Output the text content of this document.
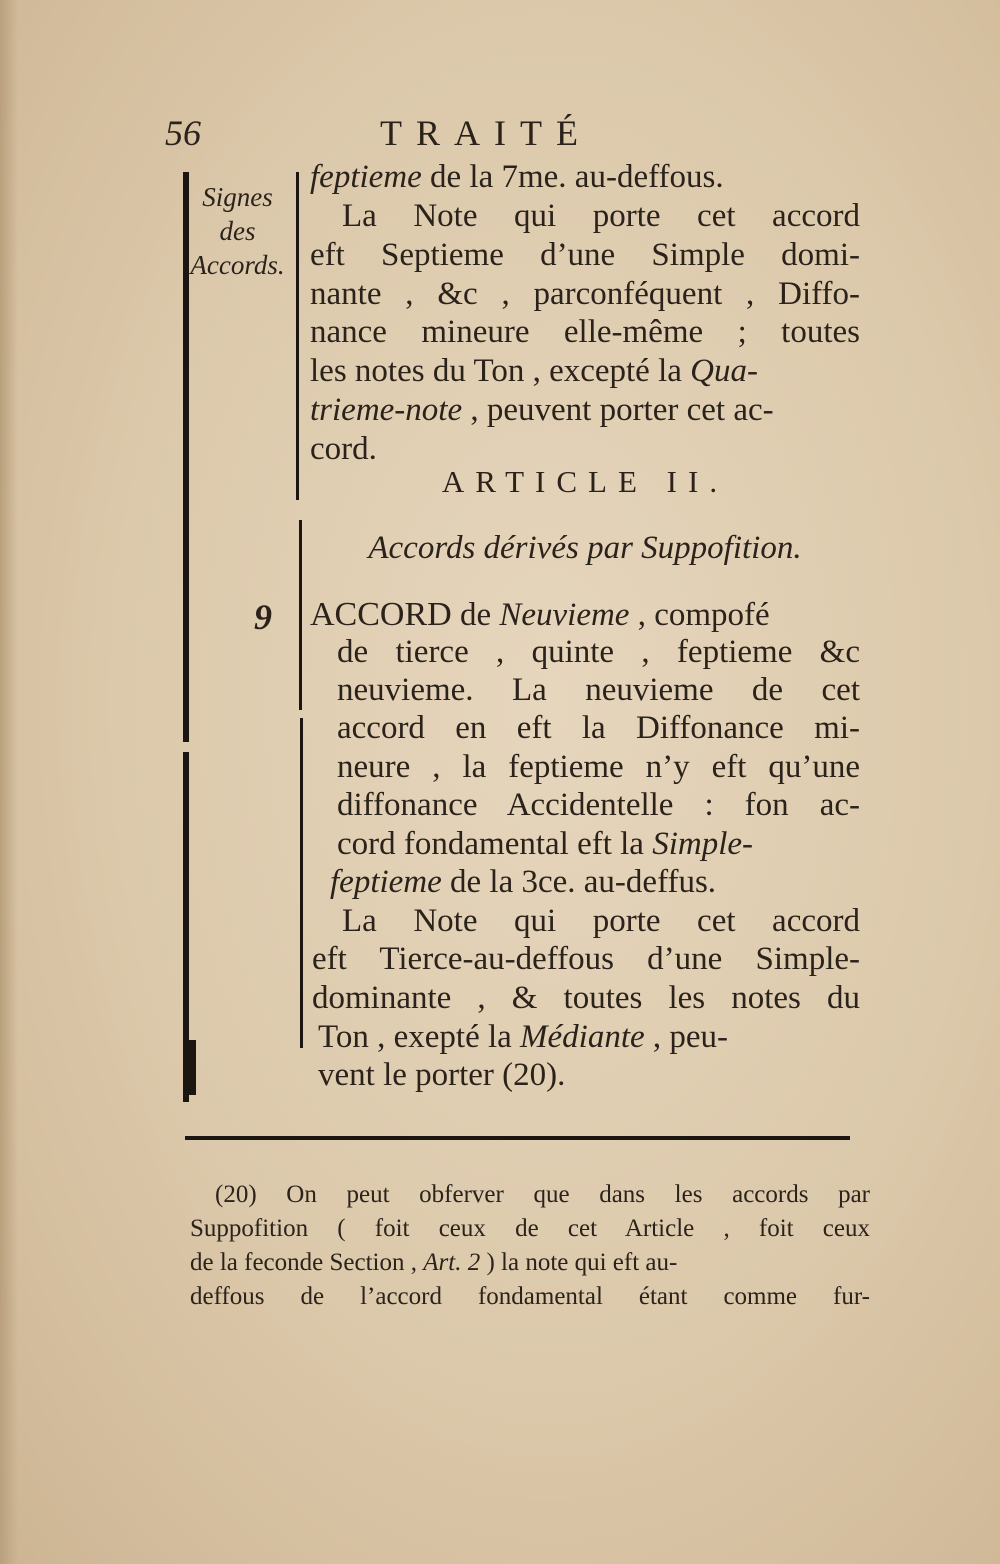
56	TRAITÉ
Signes
des
Accords.
9
feptieme de la 7me. au-deffous.
La Note qui porte cet accord
eft Septieme d’une Simple domi-
nante , &c , parconféquent , Diffo-
nance mineure elle-même ; toutes
les notes du Ton , excepté la Qua-
trieme-note , peuvent porter cet ac-
cord.
ARTICLE II.
Accords dérivés par Suppofition.
ACCORD de Neuvieme , compofé
de tierce , quinte , feptieme &c
neuvieme. La neuvieme de cet
accord en eft la Diffonance mi-
neure , la feptieme n’y eft qu’une
diffonance Accidentelle : fon ac-
cord fondamental eft la Simple-
feptieme de la 3ce. au-deffus.
La Note qui porte cet accord
eft Tierce-au-deffous d’une Simple-
dominante , & toutes les notes du
Ton , exepté la Médiante , peu-
vent le porter (20).
(20) On peut obferver que dans les accords par
Suppofition ( foit ceux de cet Article , foit ceux
de la feconde Section , Art. 2 ) la note qui eft au-
deffous de l’accord fondamental étant comme fur-
